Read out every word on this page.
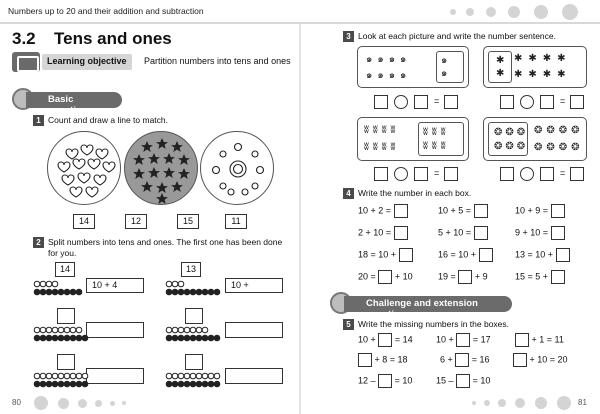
Numbers up to 20 and their addition and subtraction
3.2 Tens and ones
Learning objective	Partition numbers into tens and ones
Basic questions
1 Count and draw a line to match.
14	12	15	11
2 Split numbers into tens and ones. The first one has been done
for you.
14
10 + 4
13
10 +
80
3 Look at each picture and write the number sentence.
๑๑๑๑
๑๑๑๑
๑
๑
=
✱✱✱✱
✱✱✱✱
✱
✱
=
ʬʬʬʬ
ʬʬʬʬ
ʬʬʬ
ʬʬʬ
=
❂❂❂
❂❂❂
❂❂❂❂
❂❂❂❂
=
4 Write the number in each box.
10 + 2 =	10 + 5 =	10 + 9 =
2 + 10 =	5 + 10 =	9 + 10 =
18 = 10 +	16 = 10 +	13 = 10 +
20 = + 10	19 = + 9	15 = 5 +
Challenge and extension question
5 Write the missing numbers in the boxes.
10 + = 14	10 + = 17	+ 1 = 11
+ 8 = 18	6 + = 16	+ 10 = 20
12 – = 10	15 – = 10
81
